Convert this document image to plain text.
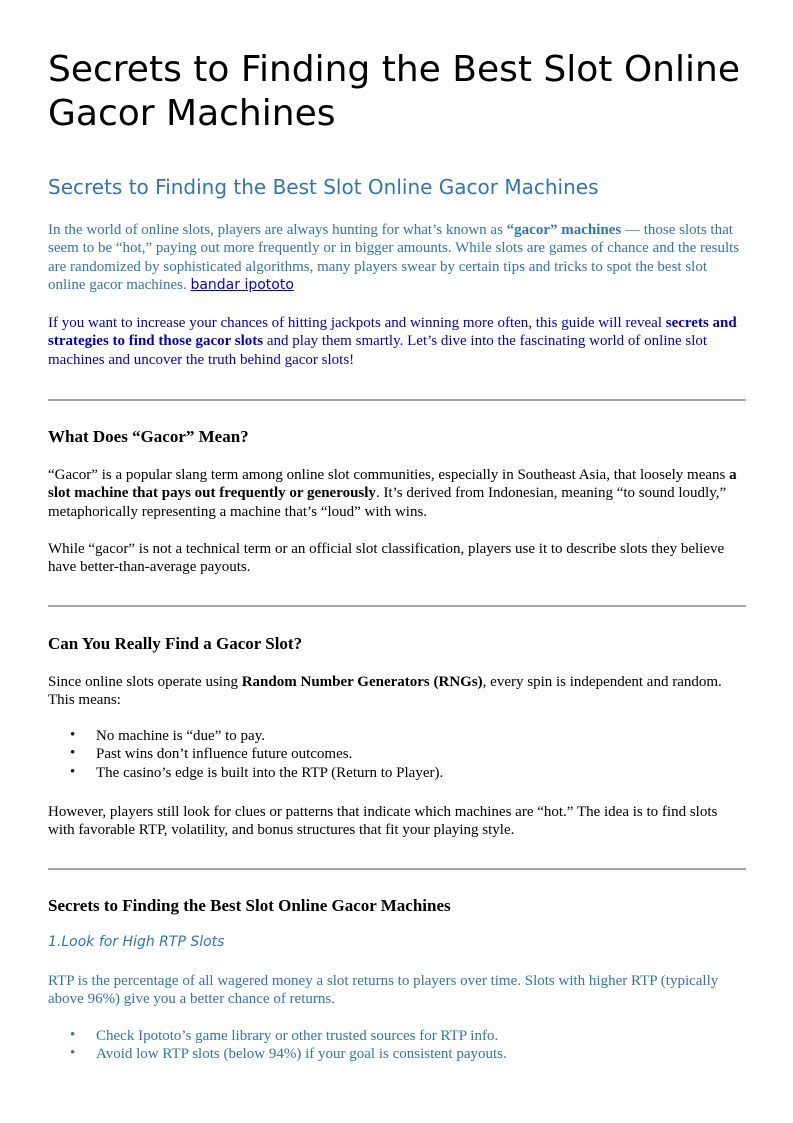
Secrets to Finding the Best Slot Online Gacor Machines
Secrets to Finding the Best Slot Online Gacor Machines

In the world of online slots, players are always hunting for what’s known as “gacor” machines — those slots that seem to be “hot,” paying out more frequently or in bigger amounts. While slots are games of chance and the results are randomized by sophisticated algorithms, many players swear by certain tips and tricks to spot the best slot online gacor machines. bandar ipototo

If you want to increase your chances of hitting jackpots and winning more often, this guide will reveal secrets and strategies to find those gacor slots and play them smartly. Let’s dive into the fascinating world of online slot machines and uncover the truth behind gacor slots!

What Does “Gacor” Mean?

“Gacor” is a popular slang term among online slot communities, especially in Southeast Asia, that loosely means a slot machine that pays out frequently or generously. It’s derived from Indonesian, meaning “to sound loudly,” metaphorically representing a machine that’s “loud” with wins.

While “gacor” is not a technical term or an official slot classification, players use it to describe slots they believe have better-than-average payouts.

Can You Really Find a Gacor Slot?

Since online slots operate using Random Number Generators (RNGs), every spin is independent and random. This means:

• No machine is “due” to pay.
• Past wins don’t influence future outcomes.
• The casino’s edge is built into the RTP (Return to Player).

However, players still look for clues or patterns that indicate which machines are “hot.” The idea is to find slots with favorable RTP, volatility, and bonus structures that fit your playing style.

Secrets to Finding the Best Slot Online Gacor Machines
1.Look for High RTP Slots

RTP is the percentage of all wagered money a slot returns to players over time. Slots with higher RTP (typically above 96%) give you a better chance of returns.

• Check Ipototo’s game library or other trusted sources for RTP info.
• Avoid low RTP slots (below 94%) if your goal is consistent payouts.
